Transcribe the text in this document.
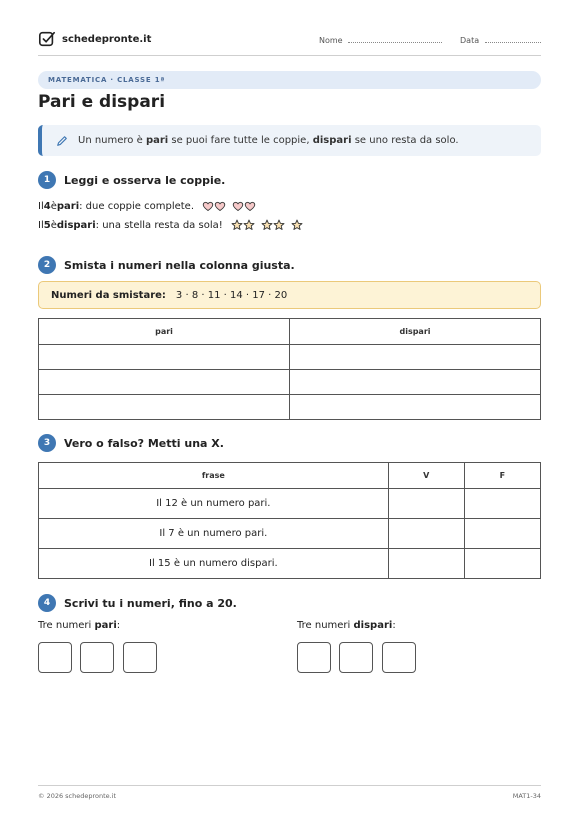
schedepronte.it	Nome	Data
MATEMATICA · CLASSE 1ª
Pari e dispari
Un numero è pari se puoi fare tutte le coppie, dispari se uno resta da solo.
1	Leggi e osserva le coppie.
Il 4 è pari : due coppie complete.
Il 5 è dispari : una stella resta da sola!
2	Smista i numeri nella colonna giusta.
Numeri da smistare: 3 · 8 · 11 · 14 · 17 · 20
pari	dispari

3	Vero o falso? Metti una X.
frase	V	F
Il 12 è un numero pari.		
Il 7 è un numero pari.		
Il 15 è un numero dispari.		
4	Scrivi tu i numeri, fino a 20.
Tre numeri pari:	Tre numeri dispari:
© 2026 schedepronte.it	MAT1-34
